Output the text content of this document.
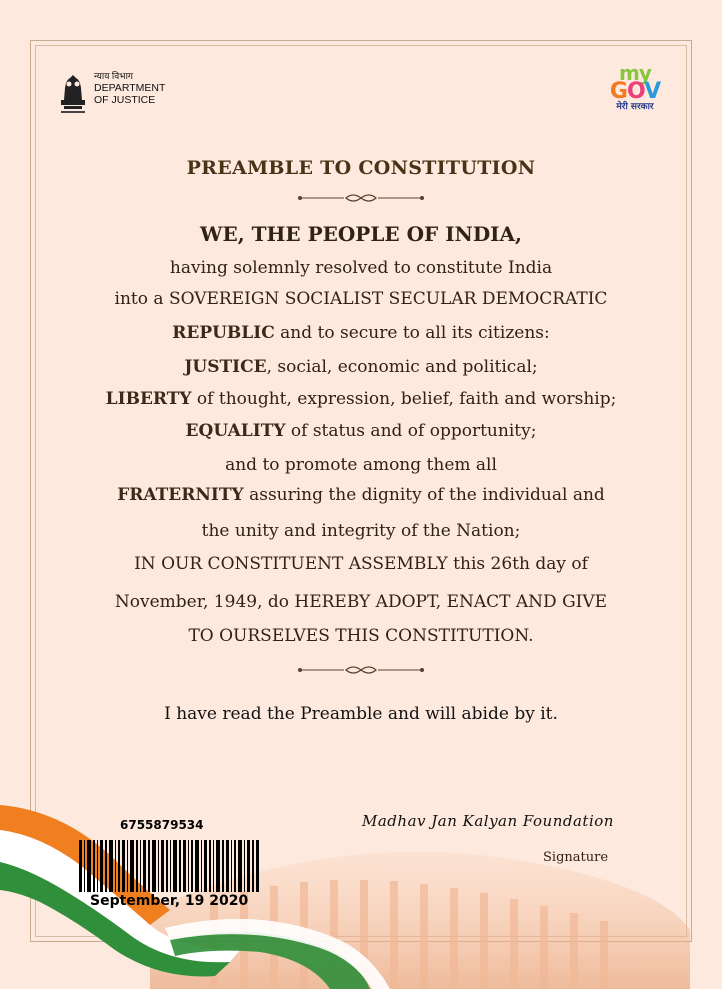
न्याय विभाग
DEPARTMENT
OF JUSTICE
my
GOV
मेरी सरकार
PREAMBLE TO CONSTITUTION
WE, THE PEOPLE OF INDIA,
having solemnly resolved to constitute India
into a SOVEREIGN SOCIALIST SECULAR DEMOCRATIC
REPUBLIC and to secure to all its citizens:
JUSTICE, social, economic and political;
LIBERTY of thought, expression, belief, faith and worship;
EQUALITY of status and of opportunity;
and to promote among them all
FRATERNITY assuring the dignity of the individual and
the unity and integrity of the Nation;
IN OUR CONSTITUENT ASSEMBLY this 26th day of
November, 1949, do HEREBY ADOPT, ENACT AND GIVE
TO OURSELVES THIS CONSTITUTION.
I have read the Preamble and will abide by it.
6755879534
September, 19 2020
Madhav Jan Kalyan Foundation
Signature
